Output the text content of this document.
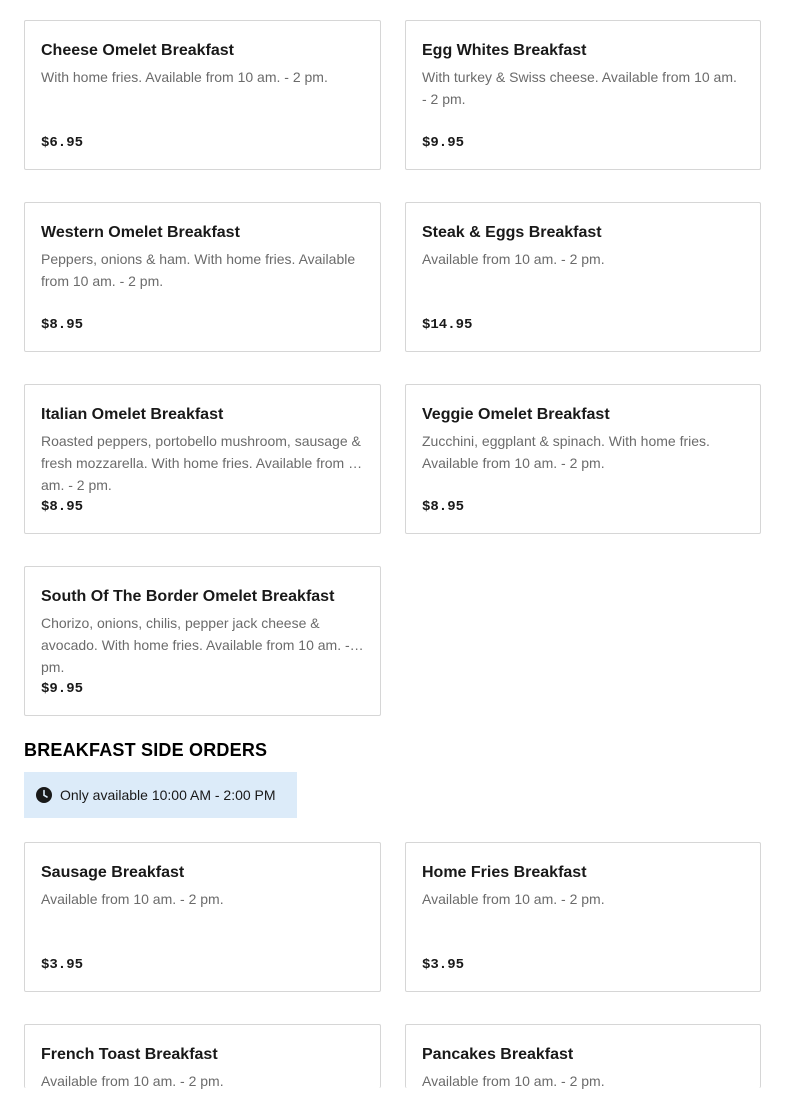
Cheese Omelet Breakfast
With home fries. Available from 10 am. - 2 pm.
$6.95
Egg Whites Breakfast
With turkey & Swiss cheese. Available from 10 am. - 2 pm.
$9.95
Western Omelet Breakfast
Peppers, onions & ham. With home fries. Available from 10 am. - 2 pm.
$8.95
Steak & Eggs Breakfast
Available from 10 am. - 2 pm.
$14.95
Italian Omelet Breakfast
Roasted peppers, portobello mushroom, sausage & fresh mozzarella. With home fries. Available from 10 am. - 2 pm.
$8.95
Veggie Omelet Breakfast
Zucchini, eggplant & spinach. With home fries. Available from 10 am. - 2 pm.
$8.95
South Of The Border Omelet Breakfast
Chorizo, onions, chilis, pepper jack cheese & avocado. With home fries. Available from 10 am. - 2 pm.
$9.95
BREAKFAST SIDE ORDERS
Only available 10:00 AM - 2:00 PM
Sausage Breakfast
Available from 10 am. - 2 pm.
$3.95
Home Fries Breakfast
Available from 10 am. - 2 pm.
$3.95
French Toast Breakfast
Available from 10 am. - 2 pm.
Pancakes Breakfast
Available from 10 am. - 2 pm.
